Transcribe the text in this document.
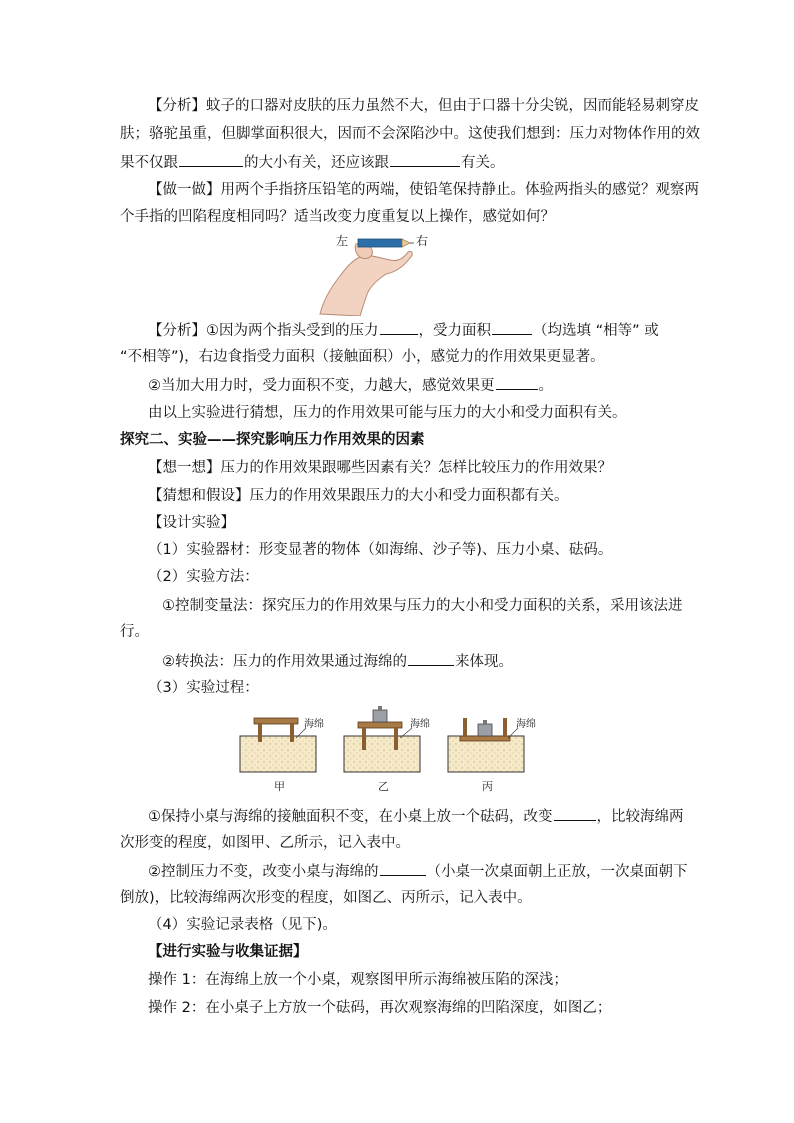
【分析】蚊子的口器对皮肤的压力虽然不大，但由于口器十分尖锐，因而能轻易刺穿皮
肤；骆驼虽重，但脚掌面积很大，因而不会深陷沙中。这使我们想到：压力对物体作用的效
果不仅跟	的大小有关，还应该跟	有关。
【做一做】用两个手指挤压铅笔的两端，使铅笔保持静止。体验两指头的感觉？观察两
个手指的凹陷程度相同吗？适当改变力度重复以上操作，感觉如何？
左	右
【分析】①因为两个指头受到的压力	，受力面积	（均选填 “相等” 或
“不相等”)，右边食指受力面积（接触面积）小，感觉力的作用效果更显著。
②当加大用力时，受力面积不变，力越大，感觉效果更	。
由以上实验进行猜想，压力的作用效果可能与压力的大小和受力面积有关。
探究二、实验——探究影响压力作用效果的因素
【想一想】压力的作用效果跟哪些因素有关？怎样比较压力的作用效果？
【猜想和假设】压力的作用效果跟压力的大小和受力面积都有关。
【设计实验】
（1）实验器材：形变显著的物体（如海绵、沙子等)、压力小桌、砝码。
（2）实验方法：
①控制变量法：探究压力的作用效果与压力的大小和受力面积的关系，采用该法进
行。
②转换法：压力的作用效果通过海绵的	来体现。
（3）实验过程：
海绵
甲
海绵
乙
海绵
丙
①保持小桌与海绵的接触面积不变，在小桌上放一个砝码，改变	，比较海绵两
次形变的程度，如图甲、乙所示，记入表中。
②控制压力不变，改变小桌与海绵的	（小桌一次桌面朝上正放，一次桌面朝下
倒放)，比较海绵两次形变的程度，如图乙、丙所示，记入表中。
（4）实验记录表格（见下)。
【进行实验与收集证据】
操作 1：在海绵上放一个小桌，观察图甲所示海绵被压陷的深浅；
操作 2：在小桌子上方放一个砝码，再次观察海绵的凹陷深度，如图乙；
